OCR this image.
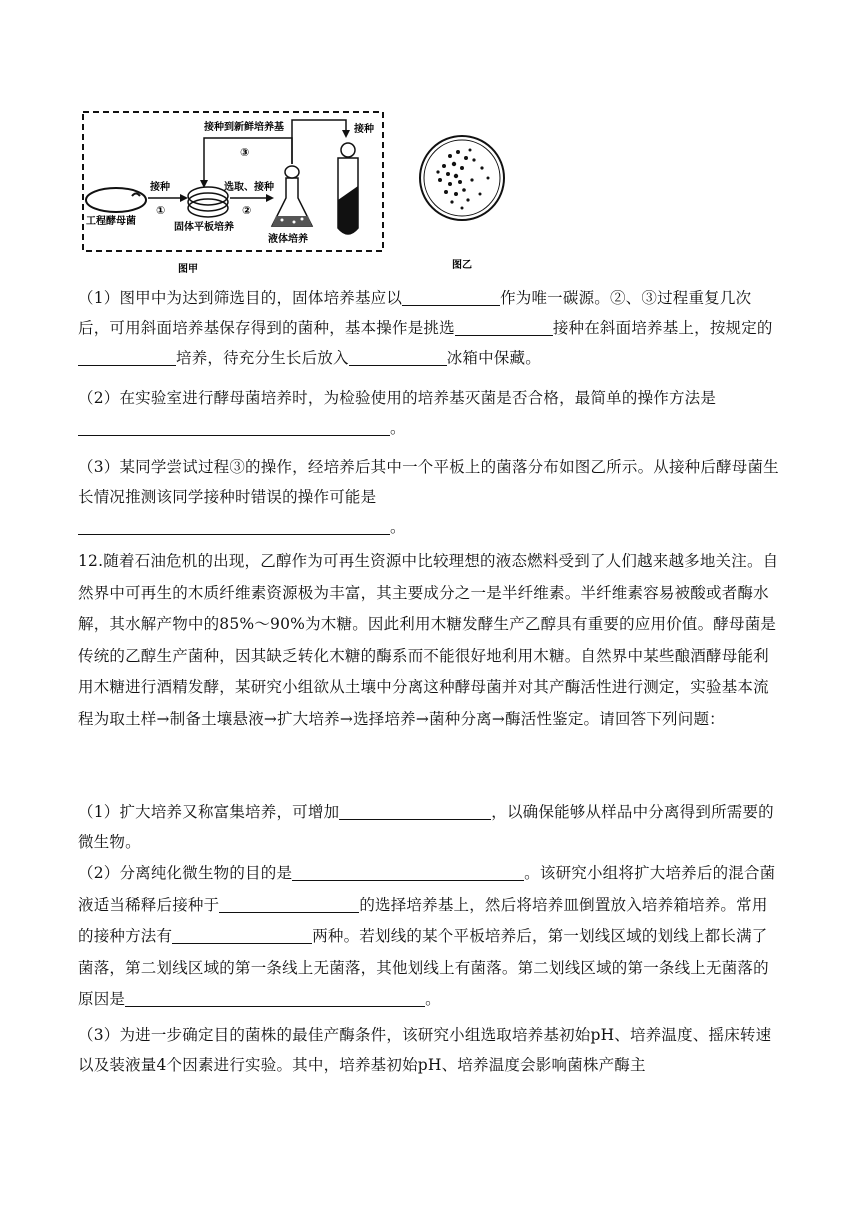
工程酵母菌
接种
①
固体平板培养
选取、接种
②
液体培养
接种到新鲜培养基
③
接种
图甲	图乙
（1）图甲中为达到筛选目的，固体培养基应以	作为唯一碳源。②、③过程重复几次后，可用斜面培养基保存得到的菌种，基本操作是挑选	接种在斜面培养基上，按规定的培养，待充分生长后放入	冰箱中保藏。
（2）在实验室进行酵母菌培养时，为检验使用的培养基灭菌是否合格，最简单的操作方法是
。
（3）某同学尝试过程③的操作，经培养后其中一个平板上的菌落分布如图乙所示。从接种后酵母菌生长情况推测该同学接种时错误的操作可能是
。
12.随着石油危机的出现，乙醇作为可再生资源中比较理想的液态燃料受到了人们越来越多地关注。自然界中可再生的木质纤维素资源极为丰富，其主要成分之一是半纤维素。半纤维素容易被酸或者酶水解，其水解产物中的85%～90%为木糖。因此利用木糖发酵生产乙醇具有重要的应用价值。酵母菌是传统的乙醇生产菌种，因其缺乏转化木糖的酶系而不能很好地利用木糖。自然界中某些酿酒酵母能利用木糖进行酒精发酵，某研究小组欲从土壤中分离这种酵母菌并对其产酶活性进行测定，实验基本流程为取土样→制备土壤悬液→扩大培养→选择培养→菌种分离→酶活性鉴定。请回答下列问题：
（1）扩大培养又称富集培养，可增加	，以确保能够从样品中分离得到所需要的微生物。
（2）分离纯化微生物的目的是	。该研究小组将扩大培养后的混合菌液适当稀释后接种于	的选择培养基上，然后将培养皿倒置放入培养箱培养。常用的接种方法有	两种。若划线的某个平板培养后，第一划线区域的划线上都长满了菌落，第二划线区域的第一条线上无菌落，其他划线上有菌落。第二划线区域的第一条线上无菌落的原因是	。
（3）为进一步确定目的菌株的最佳产酶条件，该研究小组选取培养基初始pH、培养温度、摇床转速以及装液量4个因素进行实验。其中，培养基初始pH、培养温度会影响菌株产酶主
